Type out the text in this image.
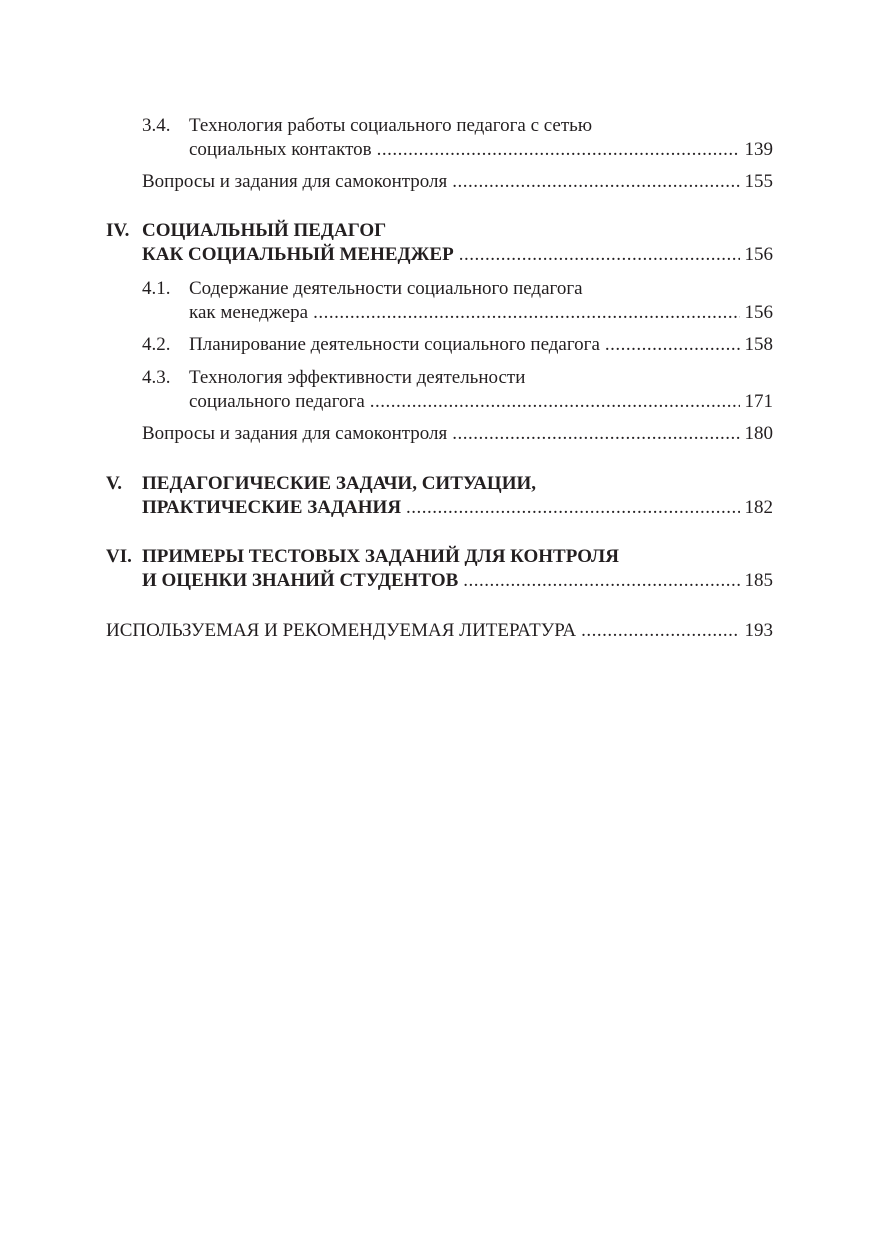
3.4. Технология работы социального педагога с сетью
социальных контактов .....	139
Вопросы и задания для самоконтроля .....	155
IV. СОЦИАЛЬНЫЙ ПЕДАГОГ
КАК СОЦИАЛЬНЫЙ МЕНЕДЖЕР .....	156
4.1. Содержание деятельности социального педагога
как менеджера .....	156
4.2. Планирование деятельности социального педагога .....	158
4.3. Технология эффективности деятельности
социального педагога .....	171
Вопросы и задания для самоконтроля .....	180
V. ПЕДАГОГИЧЕСКИЕ ЗАДАЧИ, СИТУАЦИИ,
ПРАКТИЧЕСКИЕ ЗАДАНИЯ .....	182
VI. ПРИМЕРЫ ТЕСТОВЫХ ЗАДАНИЙ ДЛЯ КОНТРОЛЯ
И ОЦЕНКИ ЗНАНИЙ СТУДЕНТОВ .....	185
ИСПОЛЬЗУЕМАЯ И РЕКОМЕНДУЕМАЯ ЛИТЕРАТУРА .....	193
